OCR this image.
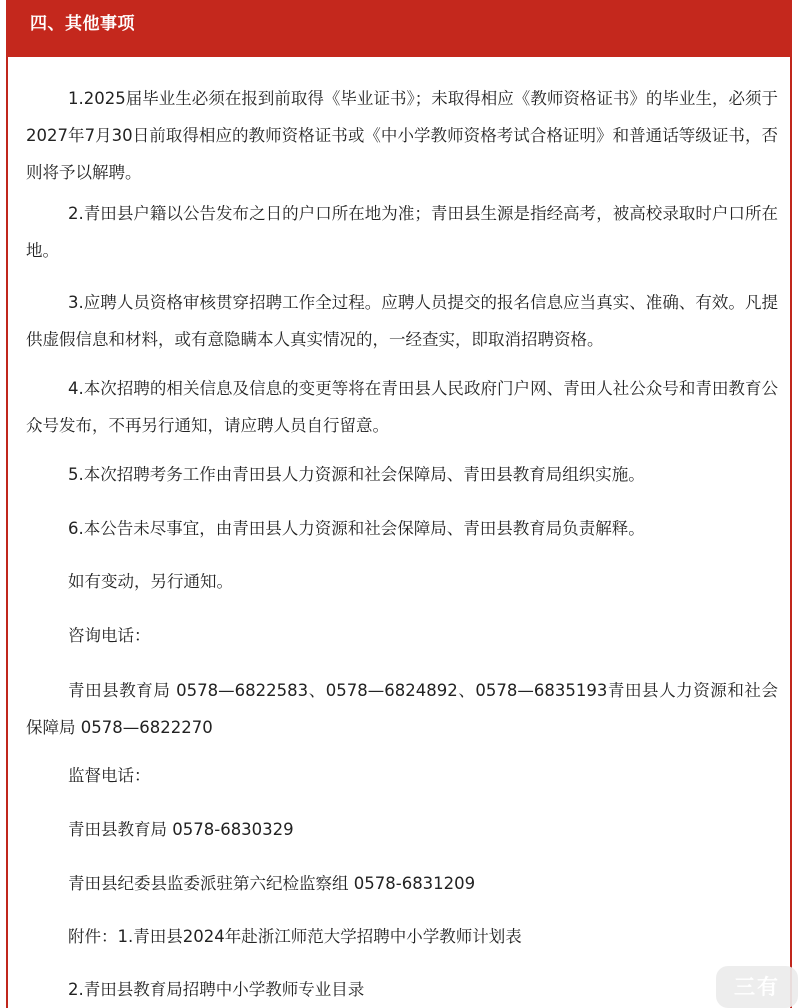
四、其他事项

1.2025届毕业生必须在报到前取得《毕业证书》；未取得相应《教师资格证书》的毕业生，必须于2027年7月30日前取得相应的教师资格证书或《中小学教师资格考试合格证明》和普通话等级证书，否则将予以解聘。

2.青田县户籍以公告发布之日的户口所在地为准；青田县生源是指经高考，被高校录取时户口所在地。

3.应聘人员资格审核贯穿招聘工作全过程。应聘人员提交的报名信息应当真实、准确、有效。凡提供虚假信息和材料，或有意隐瞒本人真实情况的，一经查实，即取消招聘资格。

4.本次招聘的相关信息及信息的变更等将在青田县人民政府门户网、青田人社公众号和青田教育公众号发布，不再另行通知，请应聘人员自行留意。

5.本次招聘考务工作由青田县人力资源和社会保障局、青田县教育局组织实施。

6.本公告未尽事宜，由青田县人力资源和社会保障局、青田县教育局负责解释。

如有变动，另行通知。

咨询电话：

青田县教育局 0578—6822583、0578—6824892、0578—6835193青田县人力资源和社会保障局 0578—6822270

监督电话：

青田县教育局 0578-6830329

青田县纪委县监委派驻第六纪检监察组 0578-6831209

附件：1.青田县2024年赴浙江师范大学招聘中小学教师计划表

2.青田县教育局招聘中小学教师专业目录	三有
